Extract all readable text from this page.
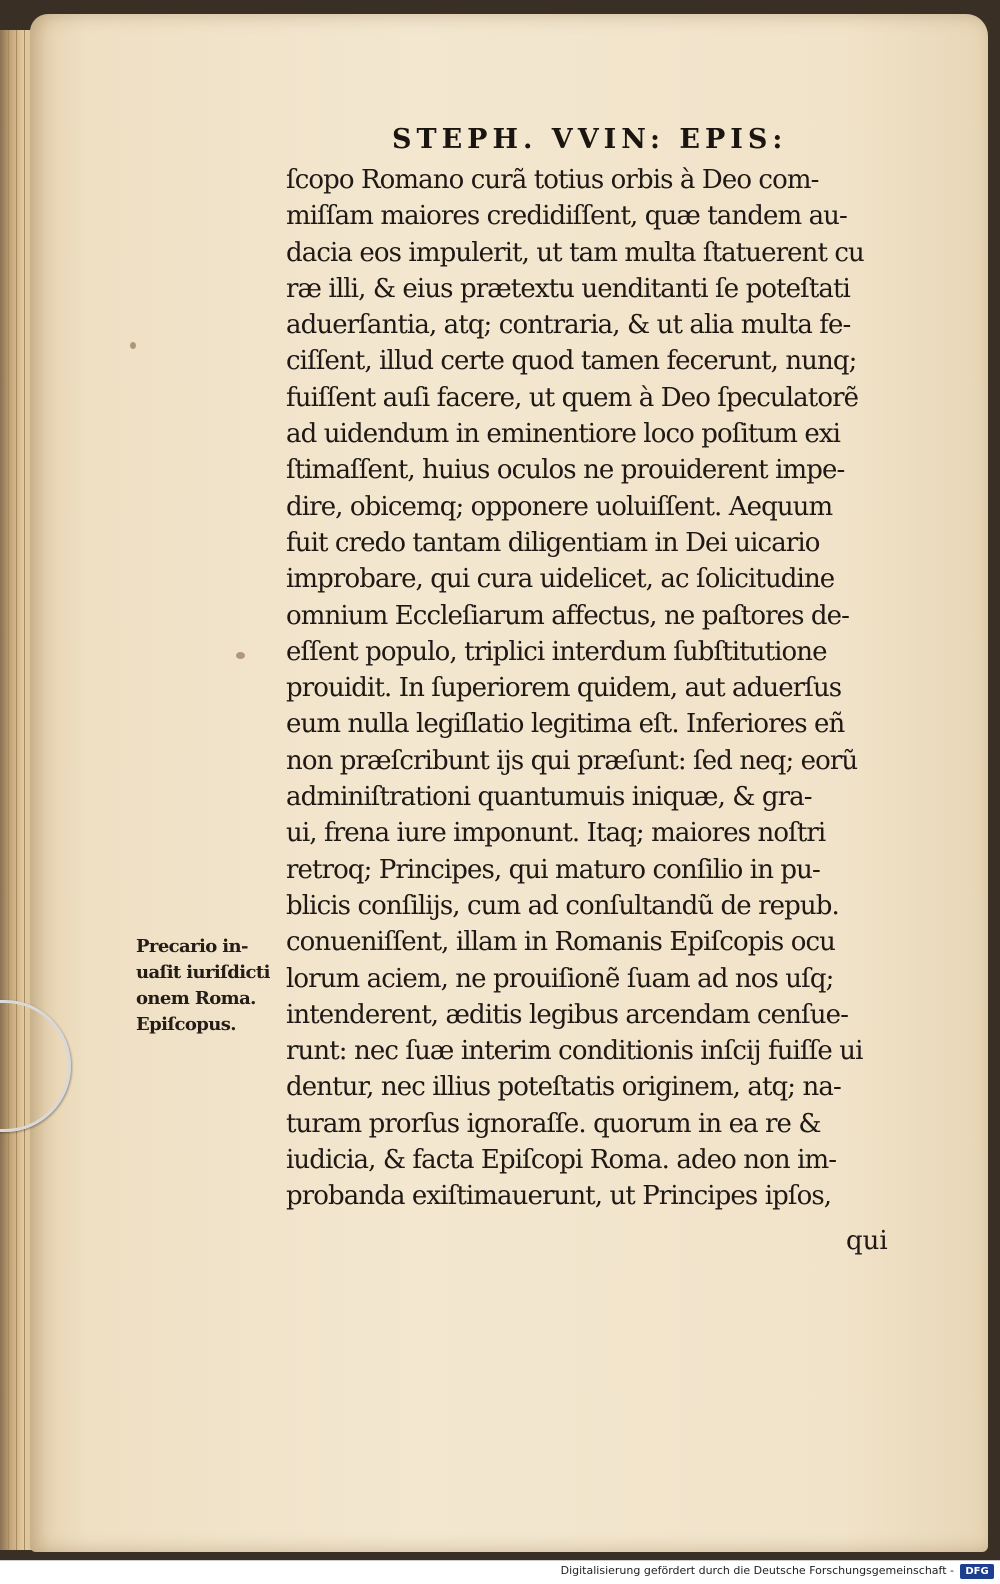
STEPH. VVIN: EPIS:
ſcopo Romano curã totius orbis à Deo com-
miſſam maiores credidiſſent, quæ tandem au-
dacia eos impulerit, ut tam multa ſtatuerent cu
ræ illi, & eius prætextu uenditanti ſe poteſtati
aduerſantia, atq; contraria, & ut alia multa fe-
ciſſent, illud certe quod tamen fecerunt, nunq;
fuiſſent auſi facere, ut quem à Deo ſpeculatorẽ
ad uidendum in eminentiore loco poſitum exi
ſtimaſſent, huius oculos ne prouiderent impe-
dire, obicemq; opponere uoluiſſent. Aequum
fuit credo tantam diligentiam in Dei uicario
improbare, qui cura uidelicet, ac ſolicitudine
omnium Eccleſiarum affectus, ne paſtores de-
eſſent populo, triplici interdum ſubſtitutione
prouidit. In ſuperiorem quidem, aut aduerſus
eum nulla legiſlatio legitima eſt. Inferiores eñ
non præſcribunt ijs qui præſunt: ſed neq; eorũ
adminiſtrationi quantumuis iniquæ, & gra-
ui, frena iure imponunt. Itaq; maiores noſtri
retroq; Principes, qui maturo conſilio in pu-
blicis conſilijs, cum ad conſultandũ de repub.
conueniſſent, illam in Romanis Epiſcopis ocu
lorum aciem, ne prouiſionẽ ſuam ad nos uſq;
intenderent, æditis legibus arcendam cenſue-
runt: nec ſuæ interim conditionis inſcij fuiſſe ui
dentur, nec illius poteſtatis originem, atq; na-
turam prorſus ignoraſſe. quorum in ea re &
iudicia, & facta Epiſcopi Roma. adeo non im-
probanda exiſtimauerunt, ut Principes ipſos,
Precario in-
uaſit iuriſdicti
onem Roma.
Epiſcopus.
qui
Digitalisierung gefördert durch die Deutsche Forschungsgemeinschaft -	DFG
